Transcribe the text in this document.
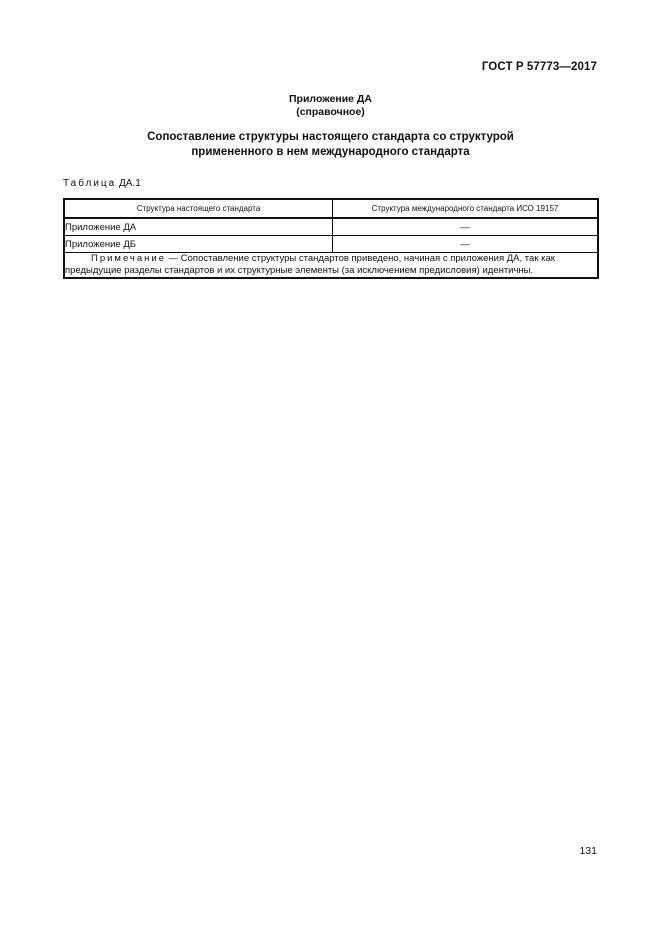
ГОСТ Р 57773—2017
Приложение ДА
(справочное)
Сопоставление структуры настоящего стандарта со структурой
примененного в нем международного стандарта
Таблица ДА.1
Структура настоящего стандарта	Структура международного стандарта ИСО 19157
Приложение ДА	—
Приложение ДБ	—
Примечание — Сопоставление структуры стандартов приведено, начиная с приложения ДА, так как предыдущие разделы стандартов и их структурные элементы (за исключением предисловия) идентичны.	
131
